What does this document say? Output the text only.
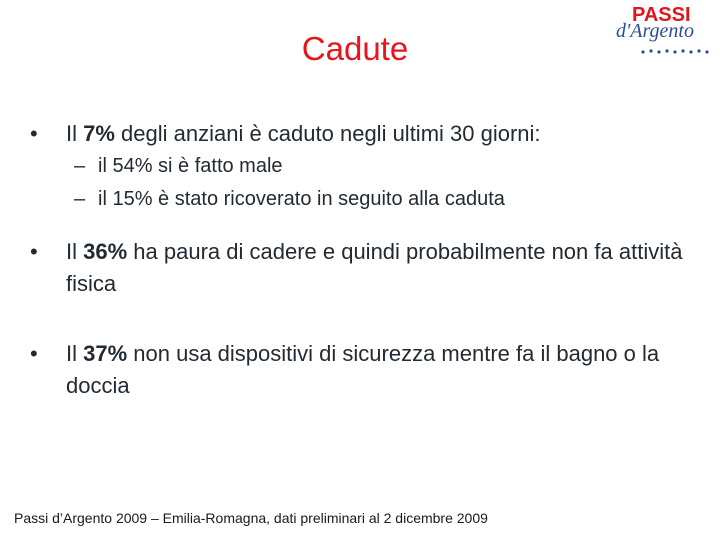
Cadute
PASSI
d'Argento
•	Il 7% degli anziani è caduto negli ultimi 30 giorni:
– il 54% si è fatto male
– il 15% è stato ricoverato in seguito alla caduta
•	Il 36% ha paura di cadere e quindi probabilmente non fa attività fisica
•	Il 37% non usa dispositivi di sicurezza mentre fa il bagno o la doccia
Passi d’Argento 2009 – Emilia-Romagna, dati preliminari al 2 dicembre 2009
